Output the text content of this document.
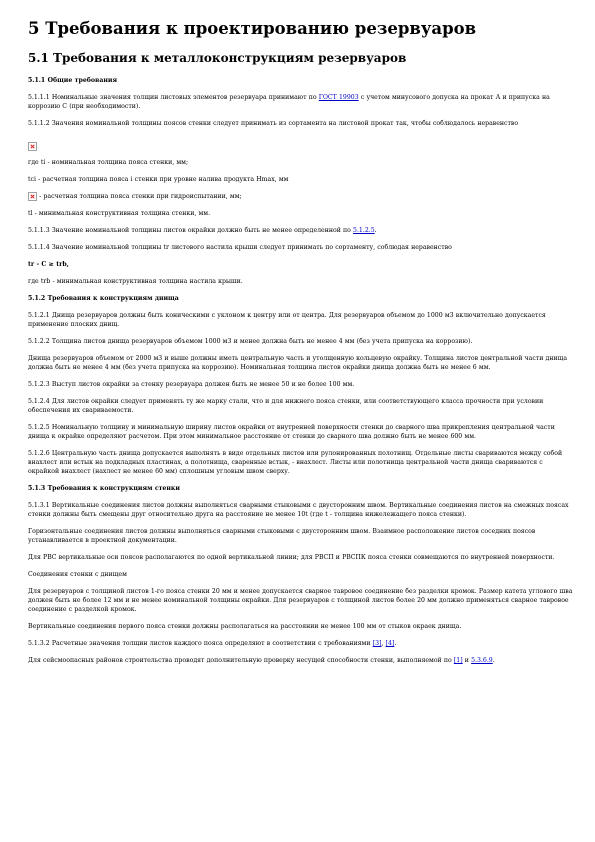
5 Требования к проектированию резервуаров
5.1 Требования к металлоконструкциям резервуаров

5.1.1 Общие требования

5.1.1.1 Номинальные значения толщин листовых элементов резервуара принимают по ГОСТ 19903 с учетом минусового допуска на прокат А и припуска на коррозию С (при необходимости).

5.1.1.2 Значения номинальной толщины поясов стенки следует принимать из сортамента на листовой прокат так, чтобы соблюдалось неравенство

где ti - номинальная толщина пояса стенки, мм;

tci - расчетная толщина пояса i стенки при уровне налива продукта Hmax, мм

- расчетная толщина пояса стенки при гидроиспытании, мм;

tl - минимальная конструктивная толщина стенки, мм.

5.1.1.3 Значение номинальной толщины листов окрайки должно быть не менее определенной по 5.1.2.5.

5.1.1.4 Значение номинальной толщины tr листового настила крыши следует принимать по сортаменту, соблюдая неравенство

tr - C ≥ trb,

где trb - минимальная конструктивная толщина настила крыши.

5.1.2 Требования к конструкциям днища

5.1.2.1 Днища резервуаров должны быть коническими с уклоном к центру или от центра. Для резервуаров объемом до 1000 м3 включительно допускается применение плоских днищ.

5.1.2.2 Толщина листов днища резервуаров объемом 1000 м3 и менее должна быть не менее 4 мм (без учета припуска на коррозию).

Днища резервуаров объемом от 2000 м3 и выше должны иметь центральную часть и утолщенную кольцевую окрайку. Толщина листов центральной части днища должна быть не менее 4 мм (без учета припуска на коррозию). Номинальная толщина листов окрайки днища должна быть не менее 6 мм.

5.1.2.3 Выступ листов окрайки за стенку резервуара должен быть не менее 50 и не более 100 мм.

5.1.2.4 Для листов окрайки следует применять ту же марку стали, что и для нижнего пояса стенки, или соответствующего класса прочности при условии обеспечения их свариваемости.

5.1.2.5 Номинальную толщину и минимальную ширину листов окрайки от внутренней поверхности стенки до сварного шва прикрепления центральной части днища к окрайке определяют расчетом. При этом минимальное расстояние от стенки до сварного шва должно быть не менее 600 мм.

5.1.2.6 Центральную часть днища допускается выполнять в виде отдельных листов или рулонированных полотнищ. Отдельные листы свариваются между собой внахлест или встык на подкладных пластинах, а полотнища, сваренные встык, - внахлест. Листы или полотнища центральной части днища свариваются с окрайкой внахлест (нахлест не менее 60 мм) сплошным угловым швом сверху.

5.1.3 Требования к конструкциям стенки

5.1.3.1 Вертикальные соединения листов должны выполняться сварными стыковыми с двусторонним швом. Вертикальные соединения листов на смежных поясах стенки должны быть смещены друг относительно друга на расстояние не менее 10t (где t - толщина нижележащего пояса стенки).

Горизонтальные соединения листов должны выполняться сварными стыковыми с двусторонним швом. Взаимное расположение листов соседних поясов устанавливается в проектной документации.

Для РВС вертикальные оси поясов располагаются по одной вертикальной линии; для РВСП и РВСПК пояса стенки совмещаются по внутренней поверхности.

Соединения стенки с днищем

Для резервуаров с толщиной листов 1-го пояса стенки 20 мм и менее допускается сварное тавровое соединение без разделки кромок. Размер катета углового шва должен быть не более 12 мм и не менее номинальной толщины окрайки. Для резервуаров с толщиной листов более 20 мм должно применяться сварное тавровое соединение с разделкой кромок.

Вертикальные соединения первого пояса стенки должны располагаться на расстоянии не менее 100 мм от стыков окраек днища.

5.1.3.2 Расчетные значения толщин листов каждого пояса определяют в соответствии с требованиями [3], [4].

Для сейсмоопасных районов строительства проводят дополнительную проверку несущей способности стенки, выполняемой по [1] и 5.3.6.9.
